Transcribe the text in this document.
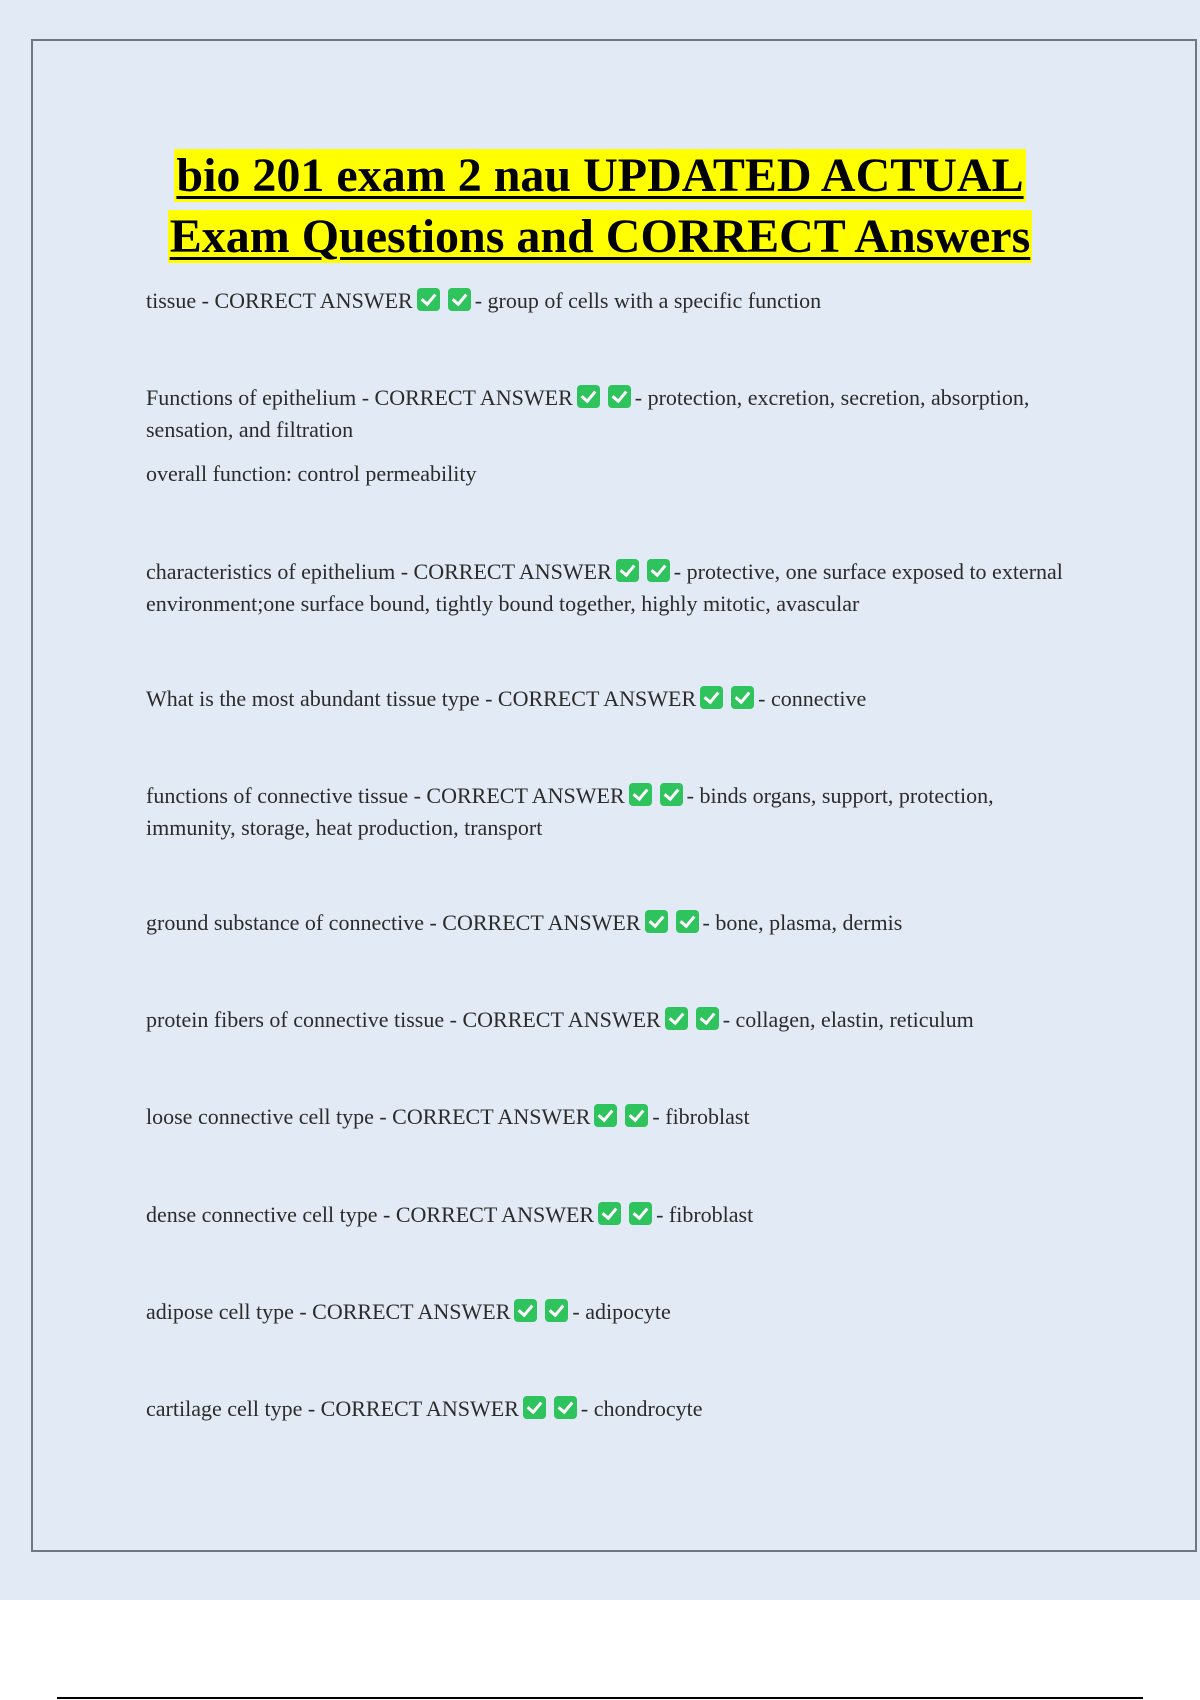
bio 201 exam 2 nau UPDATED ACTUAL
Exam Questions and CORRECT Answers
tissue - CORRECT ANSWER	- group of cells with a specific function
Functions of epithelium - CORRECT ANSWER	- protection, excretion, secretion, absorption, sensation, and filtration
overall function: control permeability
characteristics of epithelium - CORRECT ANSWER	- protective, one surface exposed to external environment;one surface bound, tightly bound together, highly mitotic, avascular
What is the most abundant tissue type - CORRECT ANSWER	- connective
functions of connective tissue - CORRECT ANSWER	- binds organs, support, protection, immunity, storage, heat production, transport
ground substance of connective - CORRECT ANSWER	- bone, plasma, dermis
protein fibers of connective tissue - CORRECT ANSWER	- collagen, elastin, reticulum
loose connective cell type - CORRECT ANSWER	- fibroblast
dense connective cell type - CORRECT ANSWER	- fibroblast
adipose cell type - CORRECT ANSWER	- adipocyte
cartilage cell type - CORRECT ANSWER	- chondrocyte
